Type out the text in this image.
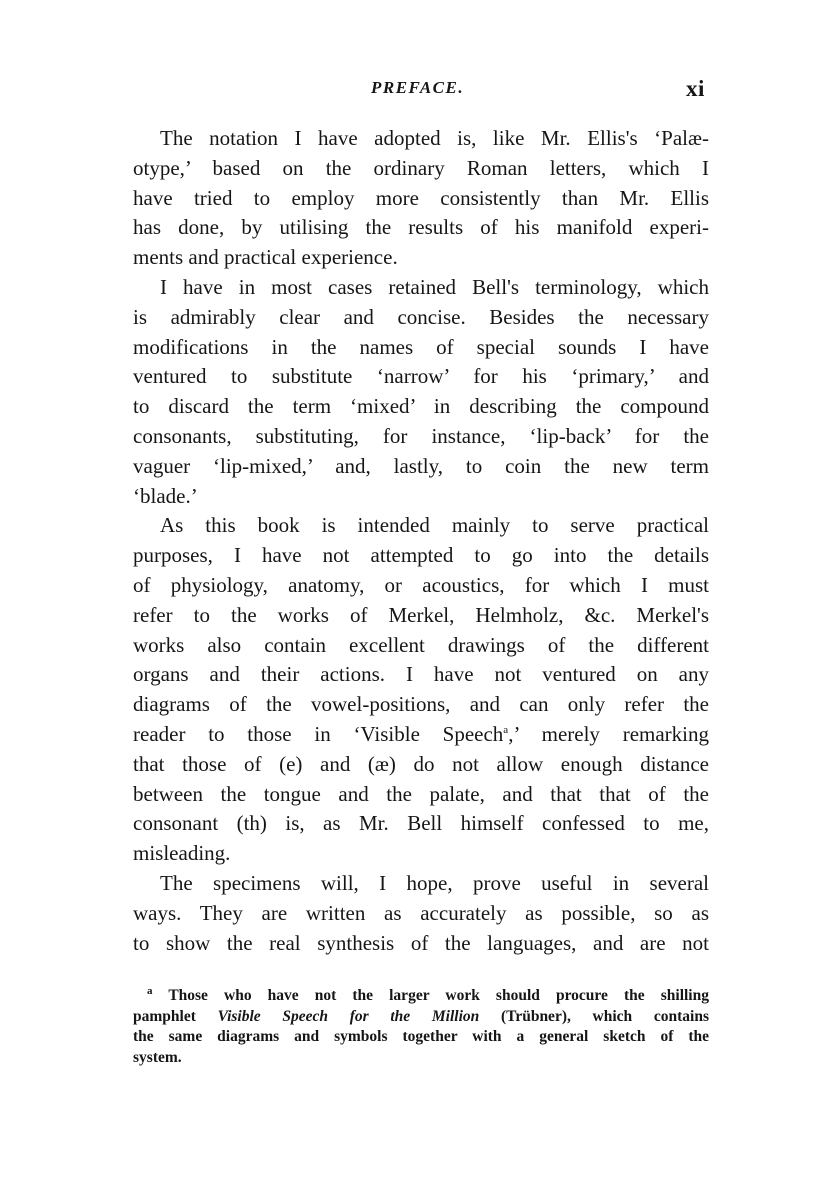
PREFACE.	xi
The notation I have adopted is, like Mr. Ellis's ‘Palæ-
otype,’ based on the ordinary Roman letters, which I
have tried to employ more consistently than Mr. Ellis
has done, by utilising the results of his manifold experi-
ments and practical experience.
I have in most cases retained Bell's terminology, which
is admirably clear and concise. Besides the necessary
modifications in the names of special sounds I have
ventured to substitute ‘narrow’ for his ‘primary,’ and
to discard the term ‘mixed’ in describing the compound
consonants, substituting, for instance, ‘lip-back’ for the
vaguer ‘lip-mixed,’ and, lastly, to coin the new term
‘blade.’
As this book is intended mainly to serve practical
purposes, I have not attempted to go into the details
of physiology, anatomy, or acoustics, for which I must
refer to the works of Merkel, Helmholz, &c. Merkel's
works also contain excellent drawings of the different
organs and their actions. I have not ventured on any
diagrams of the vowel-positions, and can only refer the
reader to those in ‘Visible Speech$^a$,’ merely remarking
that those of (e) and (æ) do not allow enough distance
between the tongue and the palate, and that that of the
consonant (th) is, as Mr. Bell himself confessed to me,
misleading.
The specimens will, I hope, prove useful in several
ways. They are written as accurately as possible, so as
to show the real synthesis of the languages, and are not
$^a$ Those who have not the larger work should procure the shilling
pamphlet Visible Speech for the Million (Trübner), which contains
the same diagrams and symbols together with a general sketch of the
system.
